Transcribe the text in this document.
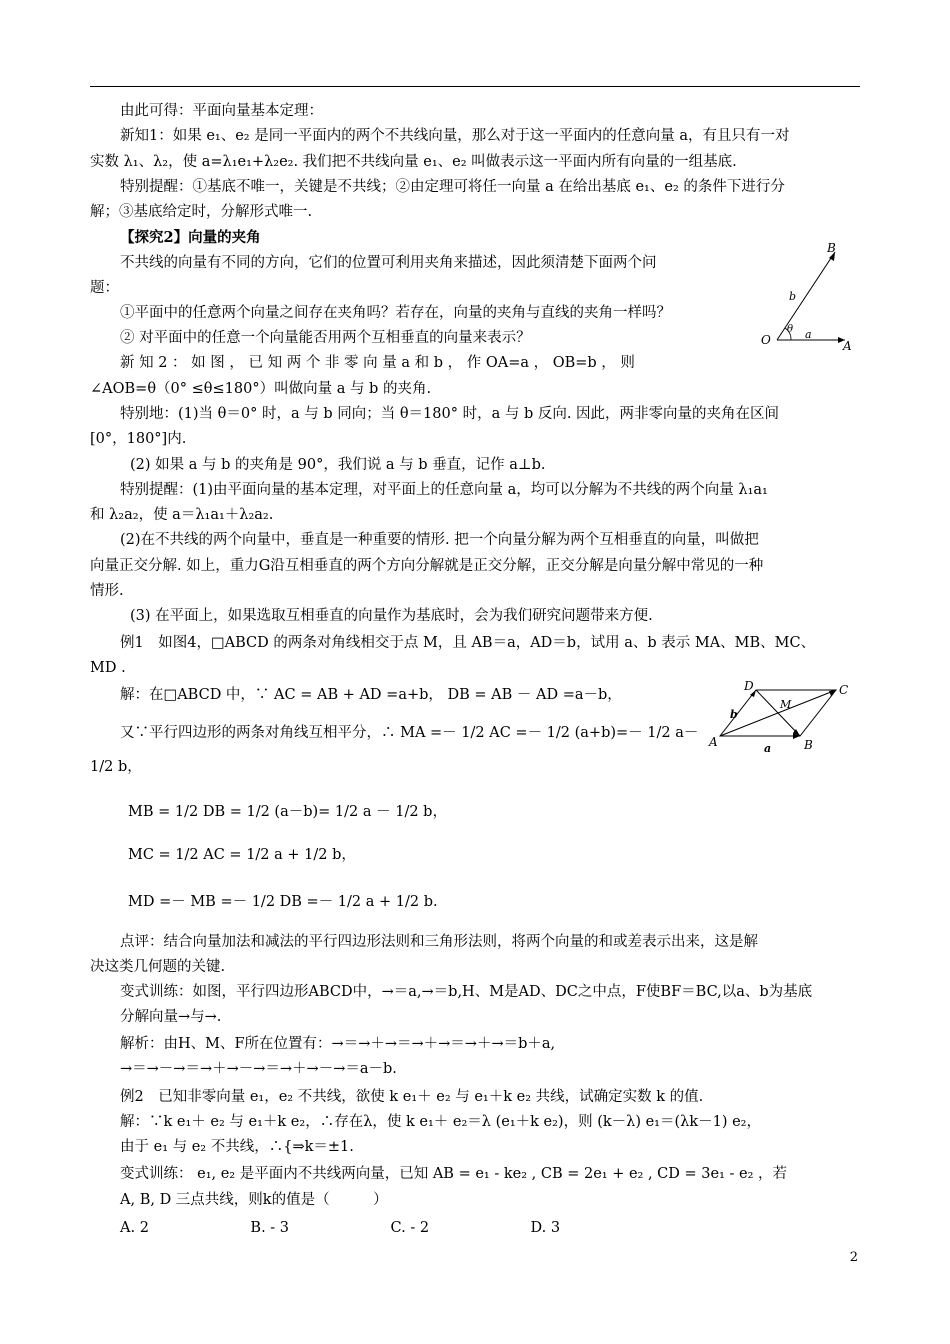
由此可得：平面向量基本定理：
新知1：如果 e₁、e₂ 是同一平面内的两个不共线向量，那么对于这一平面内的任意向量 a，有且只有一对
实数 λ₁、λ₂，使 a=λ₁e₁+λ₂e₂. 我们把不共线向量 e₁、e₂ 叫做表示这一平面内所有向量的一组基底.
特别提醒：①基底不唯一，关键是不共线；②由定理可将任一向量 a 在给出基底 e₁、e₂ 的条件下进行分
解；③基底给定时，分解形式唯一.
【探究2】向量的夹角
不共线的向量有不同的方向，它们的位置可利用夹角来描述，因此须清楚下面两个问
题：
①平面中的任意两个向量之间存在夹角吗？若存在，向量的夹角与直线的夹角一样吗？
② 对平面中的任意一个向量能否用两个互相垂直的向量来表示？
新 知 2 ： 如 图 ， 已 知 两 个 非 零 向 量 a 和 b ， 作 OA=a ， OB=b ， 则
∠AOB=θ（0° ≤θ≤180°）叫做向量 a 与 b 的夹角.
特别地：(1)当 θ＝0° 时，a 与 b 同向；当 θ＝180° 时，a 与 b 反向. 因此，两非零向量的夹角在区间
[0°，180°]内.
(2) 如果 a 与 b 的夹角是 90°，我们说 a 与 b 垂直，记作 a⊥b.
特别提醒：(1)由平面向量的基本定理，对平面上的任意向量 a，均可以分解为不共线的两个向量 λ₁a₁
和 λ₂a₂，使 a＝λ₁a₁＋λ₂a₂.
(2)在不共线的两个向量中，垂直是一种重要的情形. 把一个向量分解为两个互相垂直的向量，叫做把
向量正交分解. 如上，重力G沿互相垂直的两个方向分解就是正交分解，正交分解是向量分解中常见的一种
情形.
(3) 在平面上，如果选取互相垂直的向量作为基底时，会为我们研究问题带来方便.
例1　如图4，□ABCD 的两条对角线相交于点 M，且 AB＝a，AD＝b，试用 a、b 表示 MA、MB、MC、
MD .
解：在□ABCD 中，∵ AC = AB + AD =a+b， DB = AB － AD =a－b，
又∵平行四边形的两条对角线互相平分，∴ MA =－ 1/2 AC =－ 1/2 (a+b)=－ 1/2 a－
1/2 b，
MB = 1/2 DB = 1/2 (a－b)= 1/2 a － 1/2 b，
MC = 1/2 AC = 1/2 a + 1/2 b，
MD =－ MB =－ 1/2 DB =－ 1/2 a + 1/2 b.
点评：结合向量加法和减法的平行四边形法则和三角形法则，将两个向量的和或差表示出来，这是解
决这类几何题的关键.
变式训练：如图，平行四边形ABCD中，→＝a,→＝b,H、M是AD、DC之中点，F使BF＝BC,以a、b为基底
分解向量→与→.
解析：由H、M、F所在位置有：→＝→＋→＝→＋→＝→＋→＝b＋a,
→＝→－→＝→＋→－→＝→＋→－→＝a－b.
例2　已知非零向量 e₁，e₂ 不共线，欲使 k e₁＋ e₂ 与 e₁＋k e₂ 共线，试确定实数 k 的值.
解：∵k e₁＋ e₂ 与 e₁＋k e₂，∴存在λ，使 k e₁＋ e₂＝λ (e₁＋k e₂)，则 (k－λ) e₁＝(λk－1) e₂，
由于 e₁ 与 e₂ 不共线，∴{⇒k＝±1.
变式训练： e₁, e₂ 是平面内不共线两向量，已知 AB = e₁ - ke₂ , CB = 2e₁ + e₂ , CD = 3e₁ - e₂ ，若
A, B, D 三点共线，则k的值是（　　　）
A. 2　　　　　　　B. - 3　　　　　　　C. - 2　　　　　　　D. 3
O	A
B
a
b
θ
A	B
C
D
M
a
b
2
